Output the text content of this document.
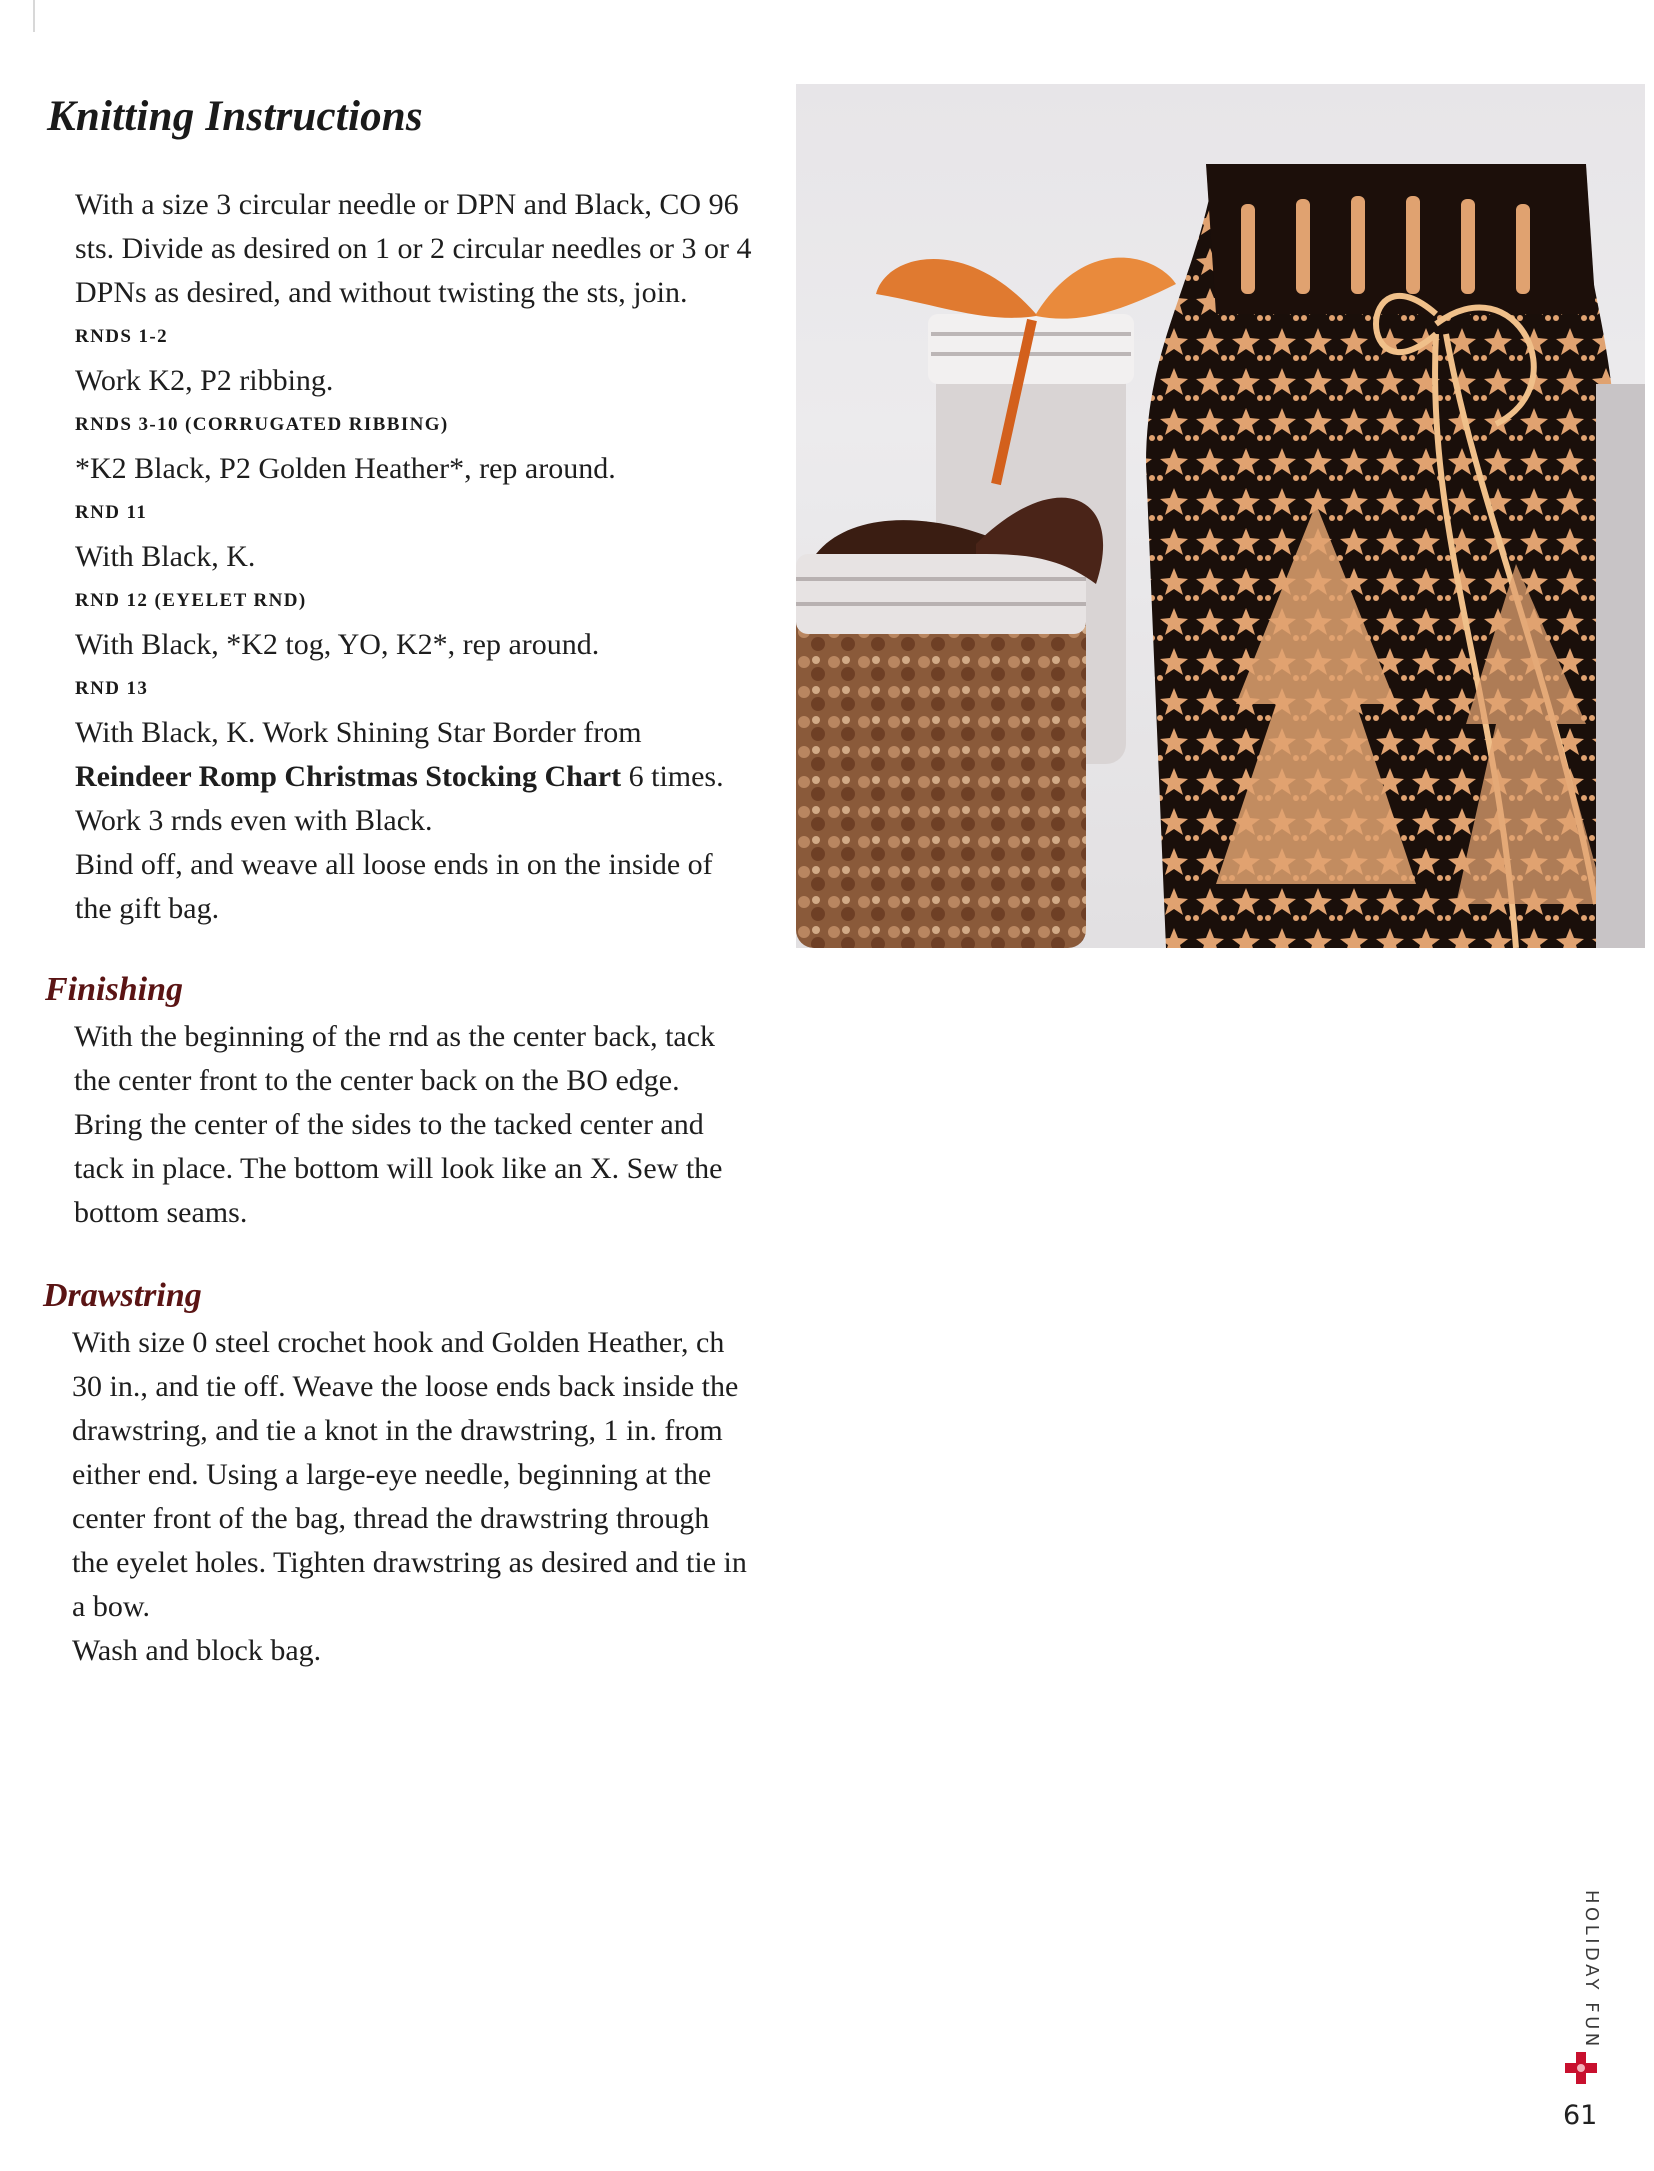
Knitting Instructions

With a size 3 circular needle or DPN and Black, CO 96 sts. Divide as desired on 1 or 2 circular needles or 3 or 4 DPNs as desired, and without twisting the sts, join.

RNDS 1-2

Work K2, P2 ribbing.

RNDS 3-10 (CORRUGATED RIBBING)

*K2 Black, P2 Golden Heather*, rep around.

RND 11

With Black, K.

RND 12 (EYELET RND)

With Black, *K2 tog, YO, K2*, rep around.

RND 13

With Black, K. Work Shining Star Border from Reindeer Romp Christmas Stocking Chart 6 times.

Work 3 rnds even with Black.

Bind off, and weave all loose ends in on the inside of the gift bag.

Finishing

With the beginning of the rnd as the center back, tack the center front to the center back on the BO edge. Bring the center of the sides to the tacked center and tack in place. The bottom will look like an X. Sew the bottom seams.

Drawstring

With size 0 steel crochet hook and Golden Heather, ch 30 in., and tie off. Weave the loose ends back inside the drawstring, and tie a knot in the drawstring, 1 in. from either end. Using a large-eye needle, beginning at the center front of the bag, thread the drawstring through the eyelet holes. Tighten drawstring as desired and tie in a bow.

Wash and block bag.

HOLIDAY FUN

61
